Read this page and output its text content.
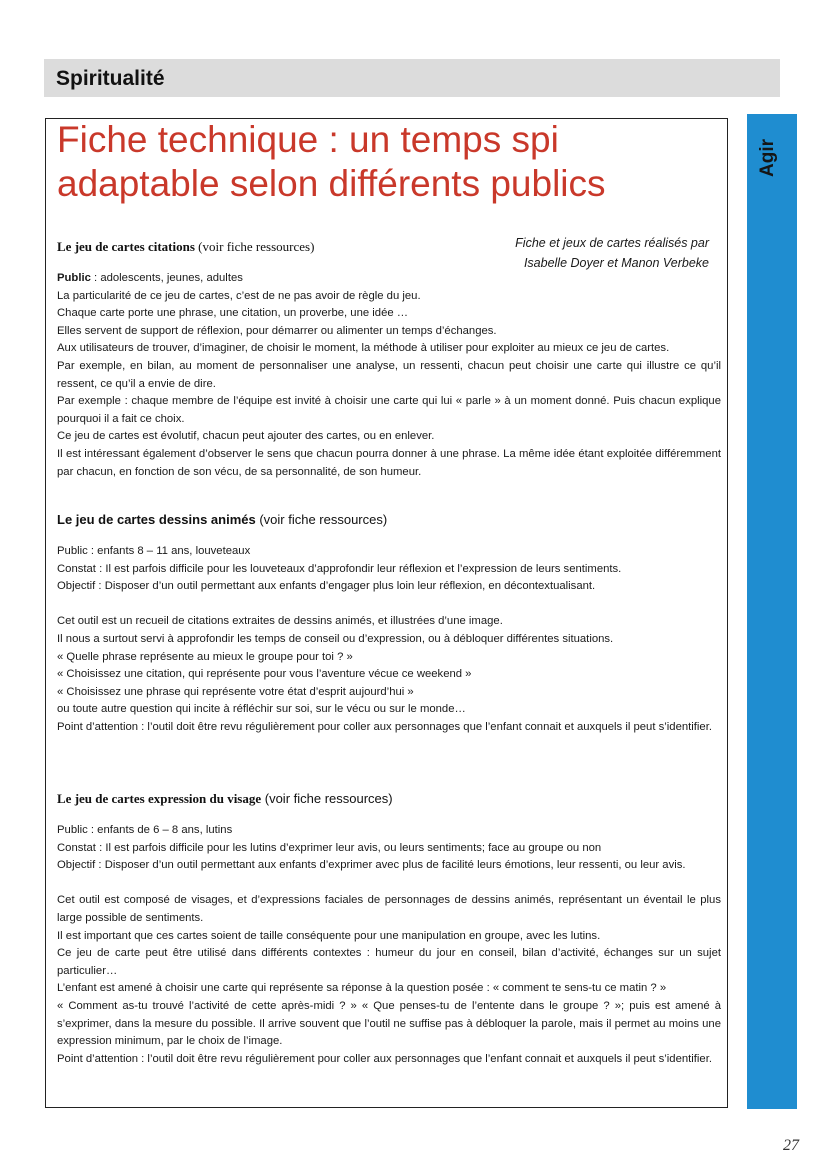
Spiritualité
Agir
Fiche technique : un temps spi
adaptable selon différents publics
Fiche et jeux de cartes réalisés par
Isabelle Doyer et Manon Verbeke
Le jeu de cartes citations (voir fiche ressources)

Public : adolescents, jeunes, adultes

La particularité de ce jeu de cartes, c’est de ne pas avoir de règle du jeu.

Chaque carte porte une phrase, une citation, un proverbe, une idée …

Elles servent de support de réflexion, pour démarrer ou alimenter un temps d’échanges.

Aux utilisateurs de trouver, d’imaginer, de choisir le moment, la méthode à utiliser pour exploiter au mieux ce jeu de cartes.

Par exemple, en bilan, au moment de personnaliser une analyse, un ressenti, chacun peut choisir une carte qui illustre ce qu’il ressent, ce qu’il a envie de dire.

Par exemple : chaque membre de l’équipe est invité à choisir une carte qui lui « parle » à un moment donné. Puis chacun explique pourquoi il a fait ce choix.

Ce jeu de cartes est évolutif, chacun peut ajouter des cartes, ou en enlever.

Il est intéressant également d’observer le sens que chacun pourra donner à une phrase. La même idée étant exploitée différemment par chacun, en fonction de son vécu, de sa personnalité, de son humeur.

Le jeu de cartes dessins animés (voir fiche ressources)

Public : enfants 8 – 11 ans, louveteaux

Constat : Il est parfois difficile pour les louveteaux d’approfondir leur réflexion et l’expression de leurs sentiments.

Objectif : Disposer d’un outil permettant aux enfants d’engager plus loin leur réflexion, en décontextualisant.

Cet outil est un recueil de citations extraites de dessins animés, et illustrées d’une image.

Il nous a surtout servi à approfondir les temps de conseil ou d’expression, ou à débloquer différentes situations.

« Quelle phrase représente au mieux le groupe pour toi ? »

« Choisissez une citation, qui représente pour vous l’aventure vécue ce weekend »

« Choisissez une phrase qui représente votre état d’esprit aujourd’hui »

ou toute autre question qui incite à réfléchir sur soi, sur le vécu ou sur le monde…

Point d’attention : l’outil doit être revu régulièrement pour coller aux personnages que l’enfant connait et auxquels il peut s’identifier.

Le jeu de cartes expression du visage (voir fiche ressources)

Public : enfants de 6 – 8 ans, lutins

Constat : Il est parfois difficile pour les lutins d’exprimer leur avis, ou leurs sentiments; face au groupe ou non

Objectif : Disposer d’un outil permettant aux enfants d’exprimer avec plus de facilité leurs émotions, leur ressenti, ou leur avis.

Cet outil est composé de visages, et d’expressions faciales de personnages de dessins animés, représentant un éventail le plus large possible de sentiments.

Il est important que ces cartes soient de taille conséquente pour une manipulation en groupe, avec les lutins.

Ce jeu de carte peut être utilisé dans différents contextes : humeur du jour en conseil, bilan d’activité, échanges sur un sujet particulier…

L’enfant est amené à choisir une carte qui représente sa réponse à la question posée : « comment te sens-tu ce matin ? »

« Comment as-tu trouvé l’activité de cette après-midi ? » « Que penses-tu de l’entente dans le groupe ? »; puis est amené à s’exprimer, dans la mesure du possible. Il arrive souvent que l’outil ne suffise pas à débloquer la parole, mais il permet au moins une expression minimum, par le choix de l’image.

Point d’attention : l’outil doit être revu régulièrement pour coller aux personnages que l’enfant connait et auxquels il peut s’identifier.

27
